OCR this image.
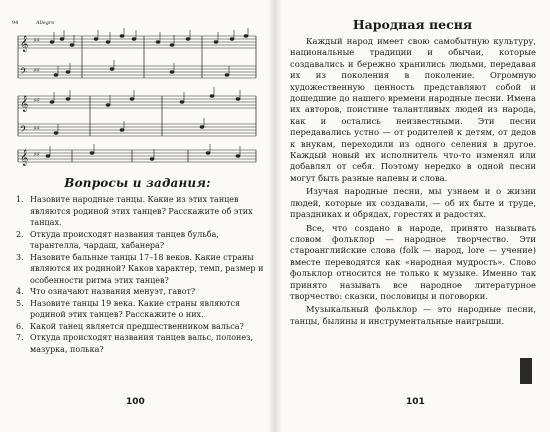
94	Allegro
𝄞
𝄢
𝄞
𝄢
𝄞
♯♯
♯♯
♯♯
♯♯
♯♯
Вопросы и задания:
1. Назовите народные танцы. Какие из этих танцев являются родиной этих танцев? Расскажите об этих танцах.
2. Откуда происходят названия танцев бульба, тарантелла, чардаш, хабанера?
3. Назовите бальные танцы 17–18 веков. Какие страны являются их родиной? Каков характер, темп, размер и особенности ритма этих танцев?
4. Что означают названия менуэт, гавот?
5. Назовите танцы 19 века. Какие страны являются родиной этих танцев? Расскажите о них.
6. Какой танец является предшественником вальса?
7. Откуда происходят названия танцев вальс, полонез, мазурка, полька?
100
Народная песня

Каждый народ имеет свою самобытную культуру, национальные традиции и обычаи, которые создавались и бережно хранились людьми, передавая их из поколения в поколение. Огромную художественную ценность представляют собой и дошедшие до нашего времени народные песни. Имена их авторов, поистине талантливых людей из народа, как и остались неизвестными. Эти песни передавались устно — от родителей к детям, от дедов к внукам, переходили из одного селения в другое. Каждый новый их исполнитель что-то изменял или добавлял от себя. Поэтому нередко в одной песни могут быть разные напевы и слова.

Изучая народные песни, мы узнаем и о жизни людей, которые их создавали, — об их быте и труде, праздниках и обрядах, горестях и радостях.

Все, что создано в народе, принято называть словом фольклор — народное творчество. Эти староанглийские слова (folk — народ, lore — учение) вместе переводятся как «народная мудрость». Слово фольклор относится не только к музыке. Именно так принято называть все народное литературное творчество: сказки, пословицы и поговорки.

Музыкальный фольклор — это народные песни, танцы, былины и инструментальные наигрыши.

101
